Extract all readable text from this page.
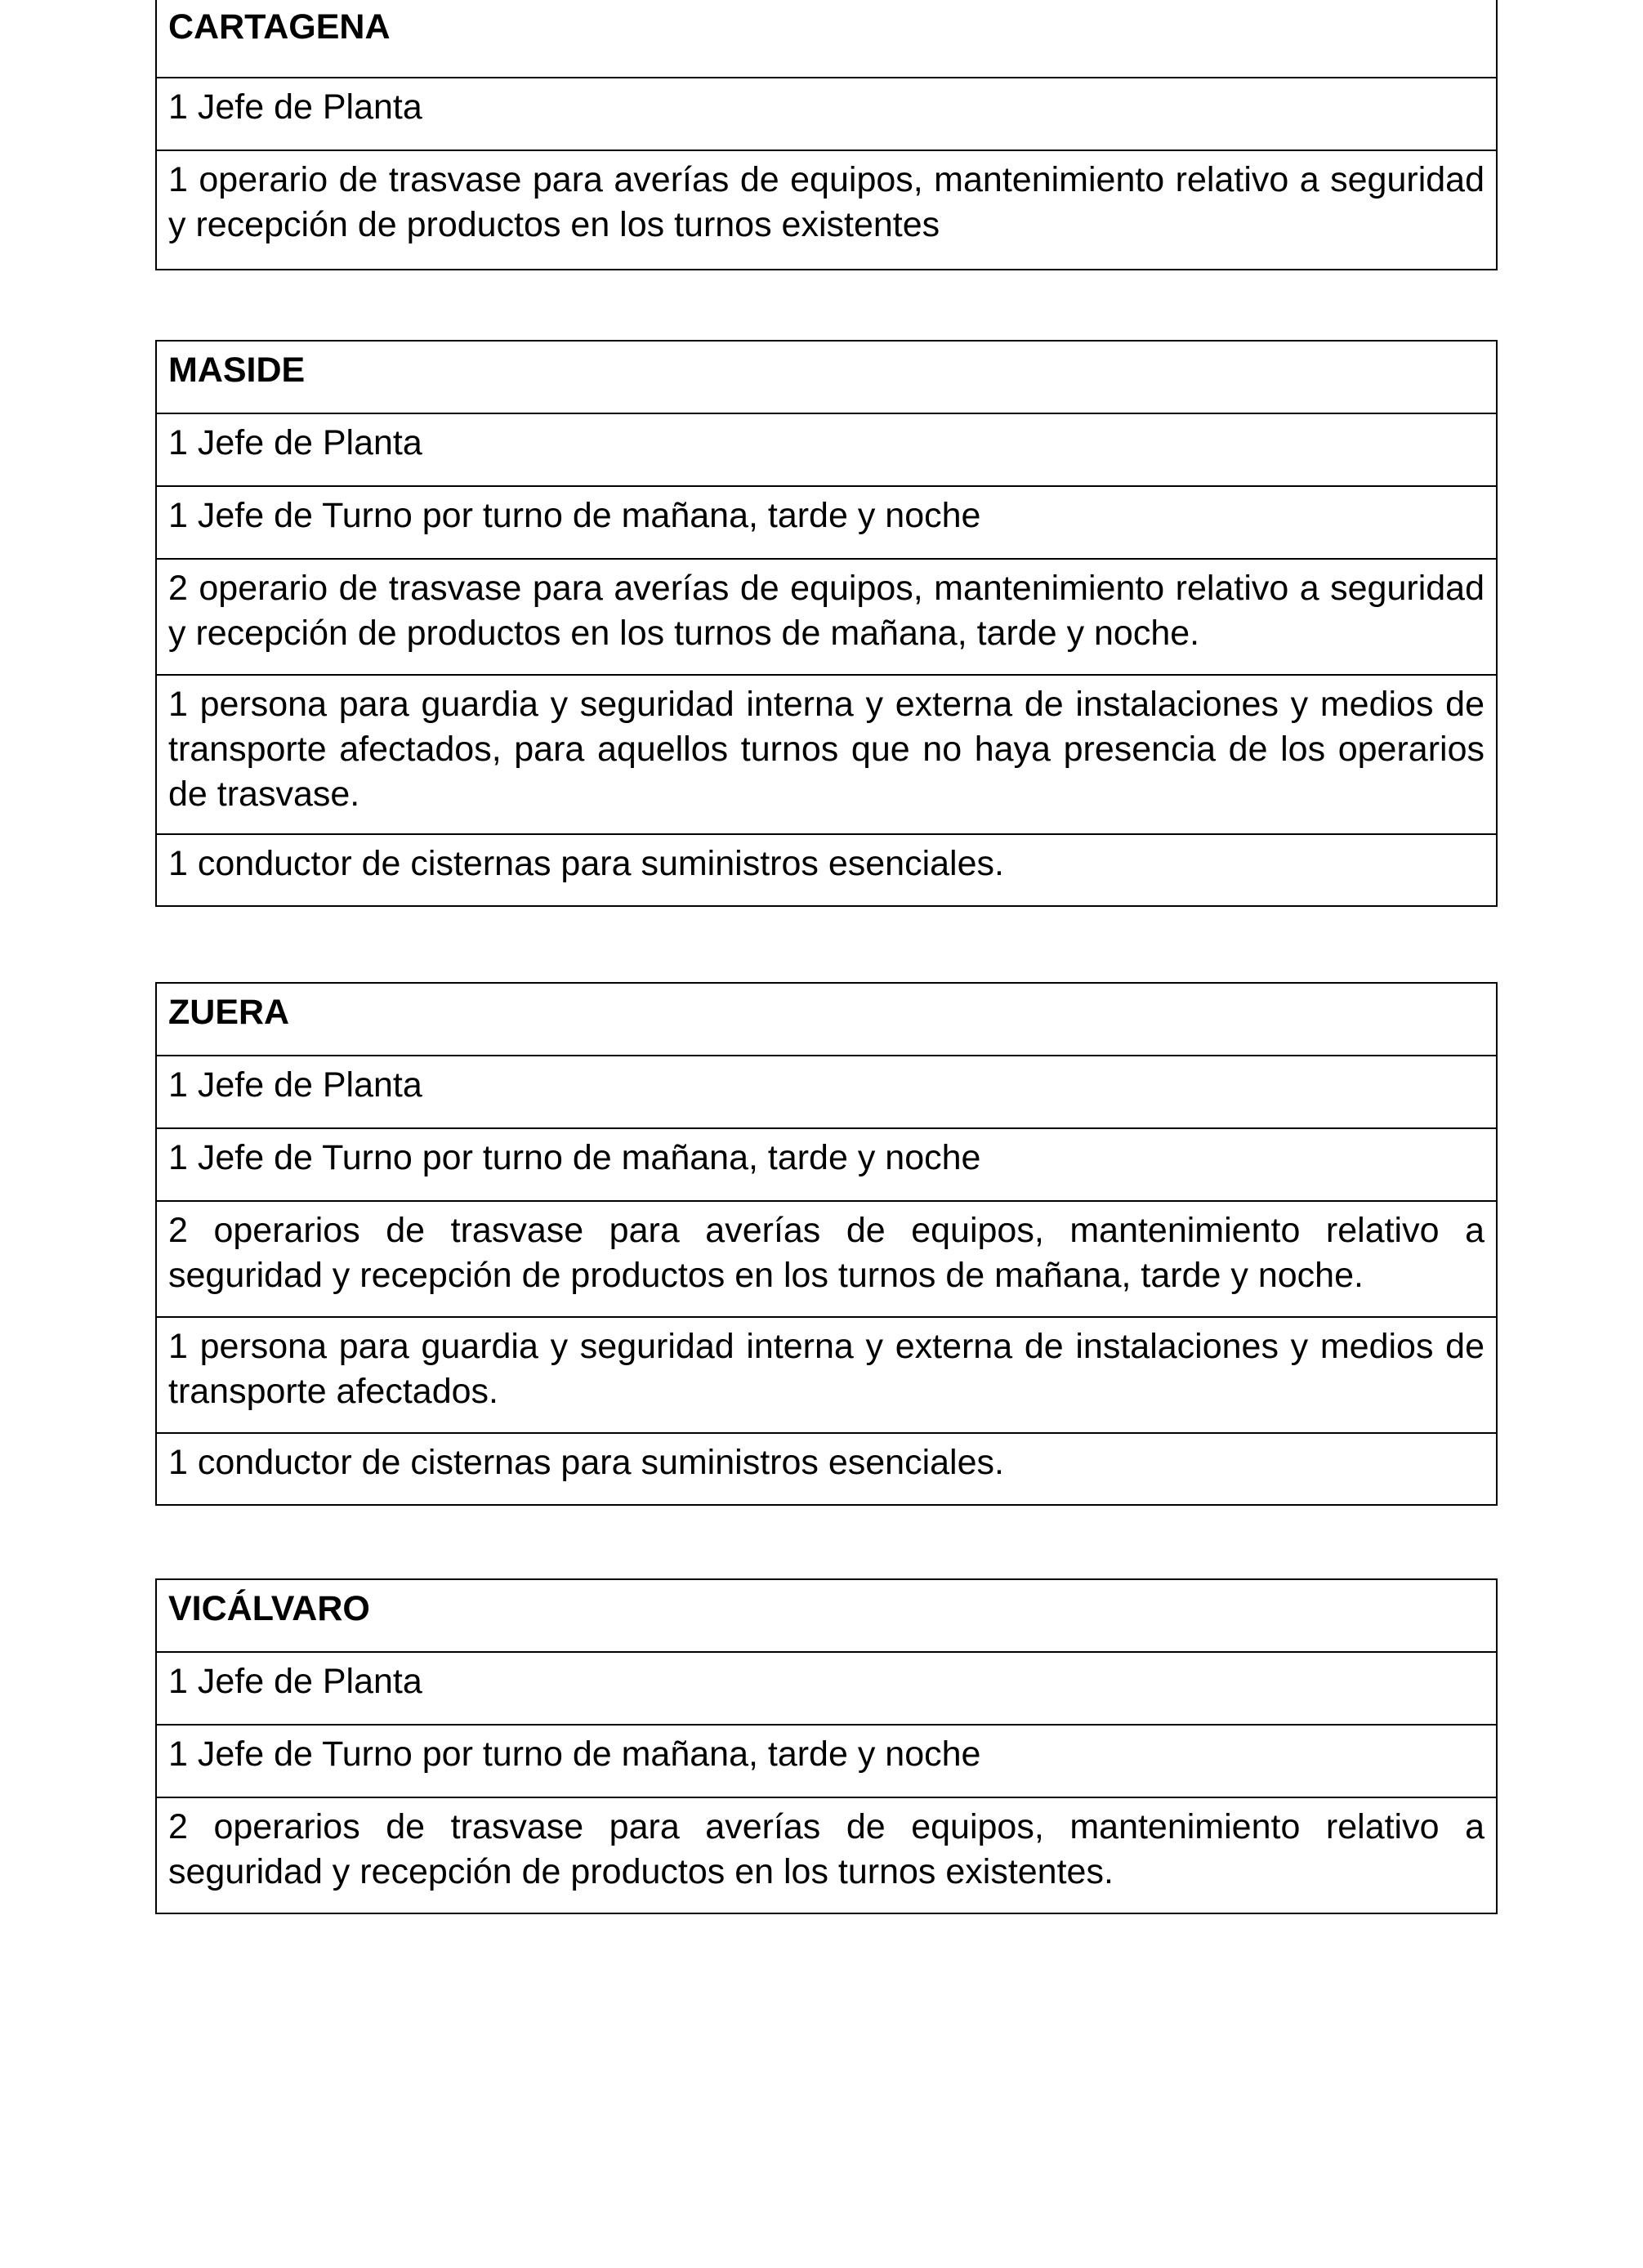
CARTAGENA
1 Jefe de Planta
1 operario de trasvase para averías de equipos, mantenimiento relativo a seguridad y recepción de productos en los turnos existentes
MASIDE
1 Jefe de Planta
1 Jefe de Turno por turno de mañana, tarde y noche
2 operario de trasvase para averías de equipos, mantenimiento relativo a seguridad y recepción de productos en los turnos de mañana, tarde y noche.
1 persona para guardia y seguridad interna y externa de instalaciones y medios de transporte afectados, para aquellos turnos que no haya presencia de los operarios de trasvase.
1 conductor de cisternas para suministros esenciales.
ZUERA
1 Jefe de Planta
1 Jefe de Turno por turno de mañana, tarde y noche
2 operarios de trasvase para averías de equipos, mantenimiento relativo a seguridad y recepción de productos en los turnos de mañana, tarde y noche.
1 persona para guardia y seguridad interna y externa de instalaciones y medios de transporte afectados.
1 conductor de cisternas para suministros esenciales.
VICÁLVARO
1 Jefe de Planta
1 Jefe de Turno por turno de mañana, tarde y noche
2 operarios de trasvase para averías de equipos, mantenimiento relativo a seguridad y recepción de productos en los turnos existentes.
